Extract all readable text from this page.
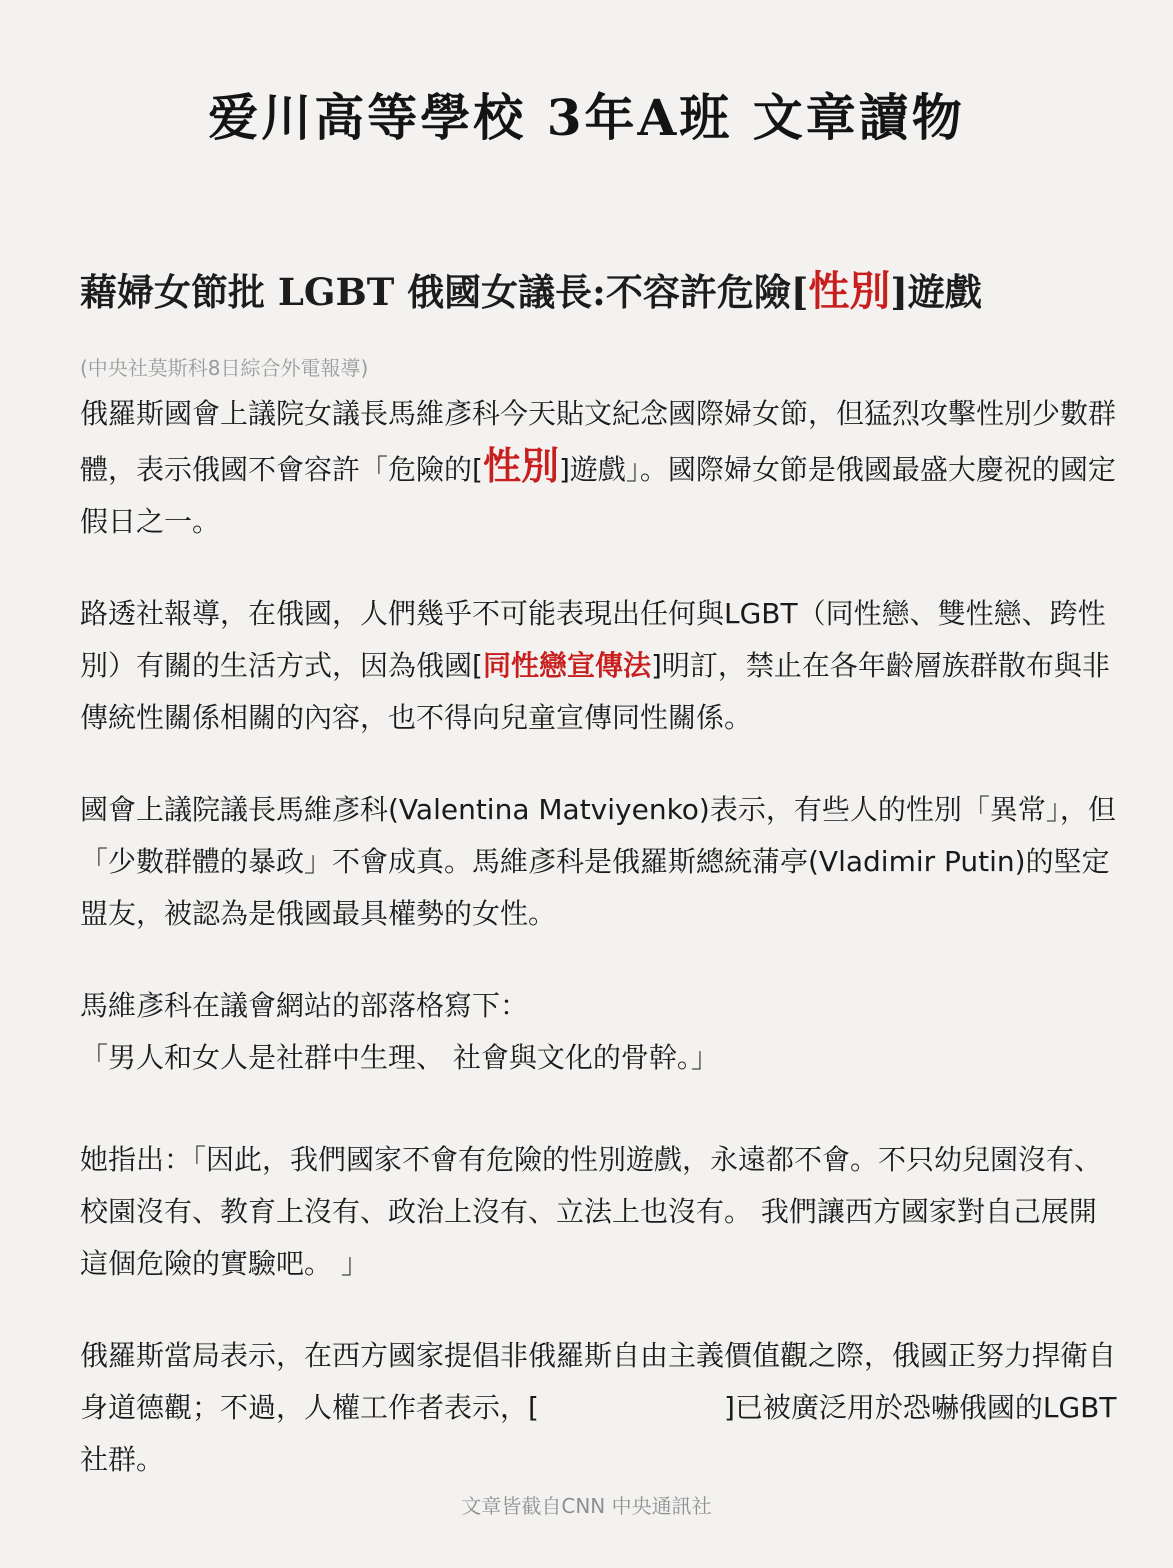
爱川高等學校 3年A班 文章讀物
藉婦女節批 LGBT 俄國女議長:不容許危險[性別]遊戲
(中央社莫斯科8日綜合外電報導)
俄羅斯國會上議院女議長馬維彥科今天貼文紀念國際婦女節，但猛烈攻擊性別少數群體，表示俄國不會容許「危險的[性別]遊戲」。國際婦女節是俄國最盛大慶祝的國定假日之一。
路透社報導，在俄國，人們幾乎不可能表現出任何與LGBT（同性戀、雙性戀、跨性別）有關的生活方式，因為俄國[同性戀宣傳法]明訂，禁止在各年齡層族群散布與非傳統性關係相關的內容，也不得向兒童宣傳同性關係。
國會上議院議長馬維彥科(Valentina Matviyenko)表示，有些人的性別「異常」，但「少數群體的暴政」不會成真。馬維彥科是俄羅斯總統蒲亭(Vladimir Putin)的堅定盟友，被認為是俄國最具權勢的女性。
馬維彥科在議會網站的部落格寫下：
「男人和女人是社群中生理、 社會與文化的骨幹。」
她指出：「因此，我們國家不會有危險的性別遊戲，永遠都不會。不只幼兒園沒有、校園沒有、教育上沒有、政治上沒有、立法上也沒有。 我們讓西方國家對自己展開這個危險的實驗吧。 」
俄羅斯當局表示，在西方國家提倡非俄羅斯自由主義價值觀之際，俄國正努力捍衛自身道德觀；不過，人權工作者表示，[	]已被廣泛用於恐嚇俄國的LGBT社群。
文章皆截自CNN 中央通訊社
